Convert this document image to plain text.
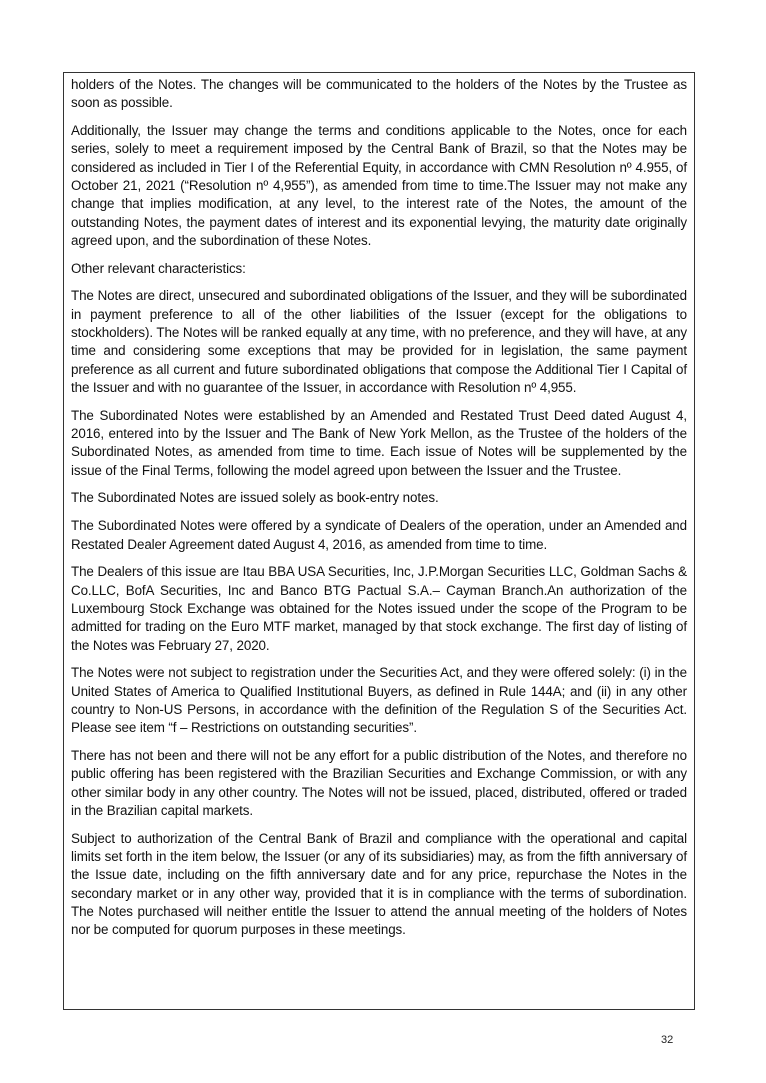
holders of the Notes. The changes will be communicated to the holders of the Notes by the Trustee as soon as possible.

Additionally, the Issuer may change the terms and conditions applicable to the Notes, once for each series, solely to meet a requirement imposed by the Central Bank of Brazil, so that the Notes may be considered as included in Tier I of the Referential Equity, in accordance with CMN Resolution nº 4.955, of October 21, 2021 (“Resolution nº 4,955”), as amended from time to time.The Issuer may not make any change that implies modification, at any level, to the interest rate of the Notes, the amount of the outstanding Notes, the payment dates of interest and its exponential levying, the maturity date originally agreed upon, and the subordination of these Notes.

Other relevant characteristics:

The Notes are direct, unsecured and subordinated obligations of the Issuer, and they will be subordinated in payment preference to all of the other liabilities of the Issuer (except for the obligations to stockholders). The Notes will be ranked equally at any time, with no preference, and they will have, at any time and considering some exceptions that may be provided for in legislation, the same payment preference as all current and future subordinated obligations that compose the Additional Tier I Capital of the Issuer and with no guarantee of the Issuer, in accordance with Resolution nº 4,955.

The Subordinated Notes were established by an Amended and Restated Trust Deed dated August 4, 2016, entered into by the Issuer and The Bank of New York Mellon, as the Trustee of the holders of the Subordinated Notes, as amended from time to time. Each issue of Notes will be supplemented by the issue of the Final Terms, following the model agreed upon between the Issuer and the Trustee.

The Subordinated Notes are issued solely as book-entry notes.

The Subordinated Notes were offered by a syndicate of Dealers of the operation, under an Amended and Restated Dealer Agreement dated August 4, 2016, as amended from time to time.

The Dealers of this issue are Itau BBA USA Securities, Inc, J.P.Morgan Securities LLC, Goldman Sachs & Co.LLC, BofA Securities, Inc and Banco BTG Pactual S.A.– Cayman Branch.An authorization of the Luxembourg Stock Exchange was obtained for the Notes issued under the scope of the Program to be admitted for trading on the Euro MTF market, managed by that stock exchange. The first day of listing of the Notes was February 27, 2020.

The Notes were not subject to registration under the Securities Act, and they were offered solely: (i) in the United States of America to Qualified Institutional Buyers, as defined in Rule 144A; and (ii) in any other country to Non-US Persons, in accordance with the definition of the Regulation S of the Securities Act. Please see item “f – Restrictions on outstanding securities”.

There has not been and there will not be any effort for a public distribution of the Notes, and therefore no public offering has been registered with the Brazilian Securities and Exchange Commission, or with any other similar body in any other country. The Notes will not be issued, placed, distributed, offered or traded in the Brazilian capital markets.

Subject to authorization of the Central Bank of Brazil and compliance with the operational and capital limits set forth in the item below, the Issuer (or any of its subsidiaries) may, as from the fifth anniversary of the Issue date, including on the fifth anniversary date and for any price, repurchase the Notes in the secondary market or in any other way, provided that it is in compliance with the terms of subordination. The Notes purchased will neither entitle the Issuer to attend the annual meeting of the holders of Notes nor be computed for quorum purposes in these meetings.

32
